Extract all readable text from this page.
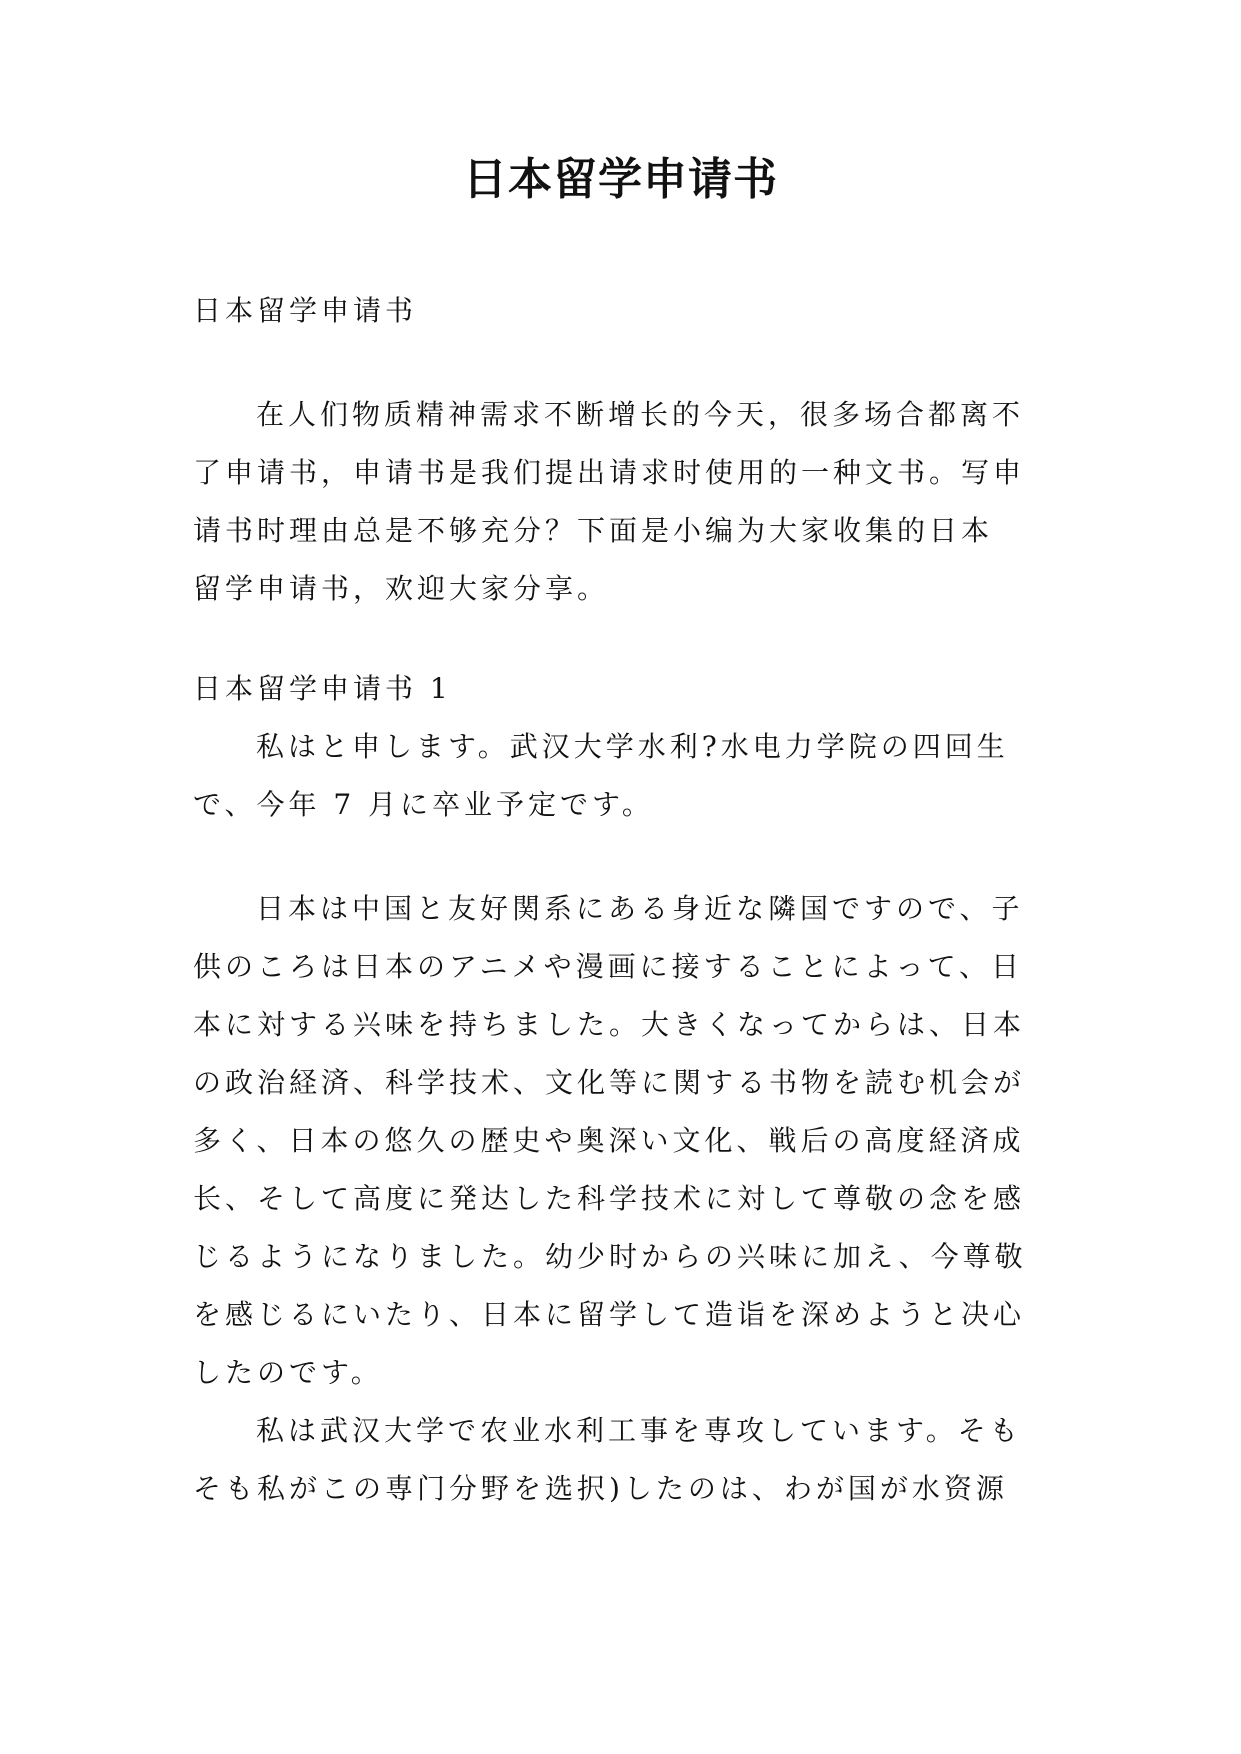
日本留学申请书
日本留学申请书
在人们物质精神需求不断增长的今天，很多场合都离不
了申请书，申请书是我们提出请求时使用的一种文书。写申
请书时理由总是不够充分？下面是小编为大家收集的日本
留学申请书，欢迎大家分享。
日本留学申请书 1
私はと申します。武汉大学水利?水电力学院の四回生
で、今年 7 月に卒业予定です。
日本は中国と友好関系にある身近な隣国ですので、子
供のころは日本のアニメや漫画に接することによって、日
本に対する兴味を持ちました。大きくなってからは、日本
の政治経済、科学技术、文化等に関する书物を読む机会が
多く、日本の悠久の歴史や奥深い文化、戦后の高度経済成
长、そして高度に発达した科学技术に対して尊敬の念を感
じるようになりました。幼少时からの兴味に加え、今尊敬
を感じるにいたり、日本に留学して造诣を深めようと决心
したのです。
私は武汉大学で农业水利工事を専攻しています。そも
そも私がこの専门分野を选択)したのは、わが国が水资源
